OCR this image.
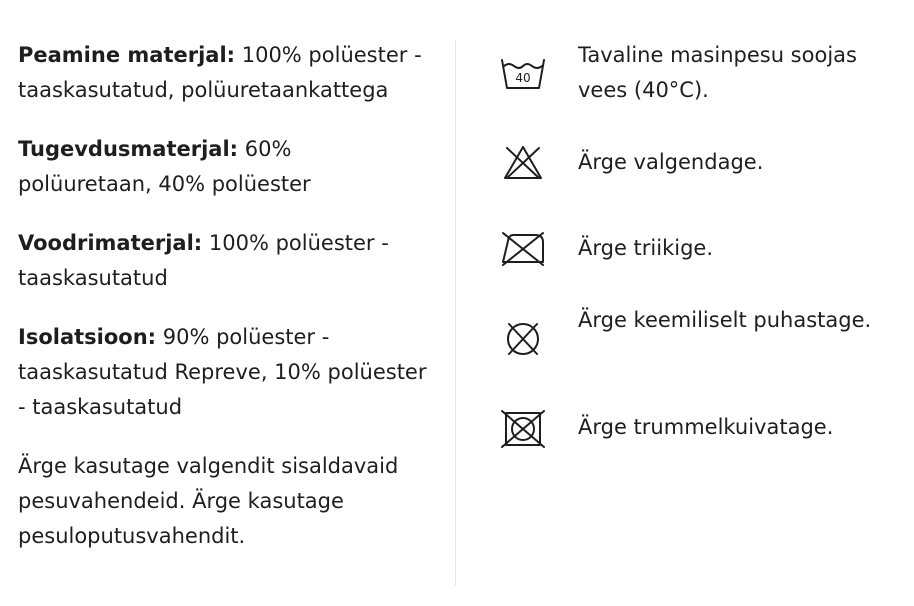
Peamine materjal: 100% polüester - taaskasutatud, polüuretaankattega

Tugevdusmaterjal: 60% polüuretaan, 40% polüester

Voodrimaterjal: 100% polüester - taaskasutatud

Isolatsioon: 90% polüester - taaskasutatud Repreve, 10% polüester - taaskasutatud

Ärge kasutage valgendit sisaldavaid pesuvahendeid. Ärge kasutage pesuloputusvahendit.

40
Tavaline masinpesu soojas vees (40°C).
Ärge valgendage.
Ärge triikige.
Ärge keemiliselt puhastage.
Ärge trummelkuivatage.
